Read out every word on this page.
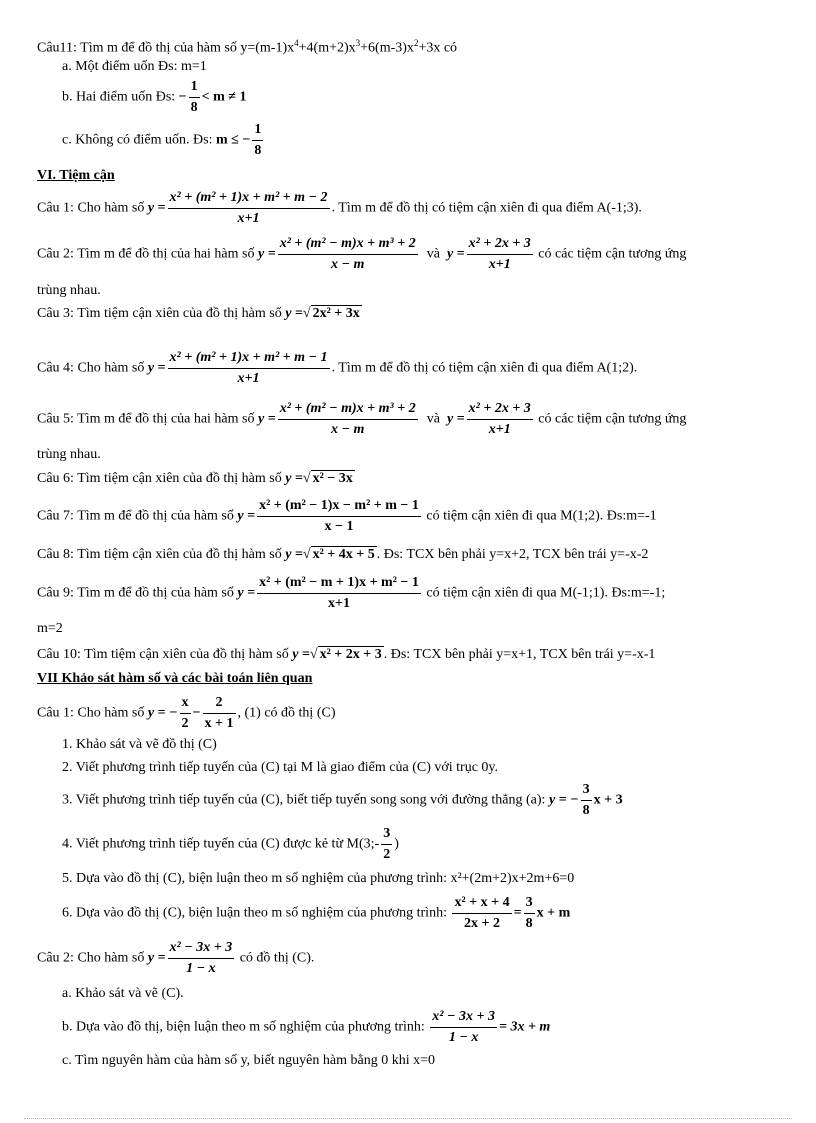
Câu11: Tìm m để đồ thị của hàm số $y=(m-1)x^4+4(m+2)x^3+6(m-3)x^2+3x$ có
a. Một điểm uốn Đs: m=1
b. Hai điểm uốn Đs: − $\frac{1}{8} < m \ne 1$
c. Không có điểm uốn. Đs: m ≤ − $\frac{1}{8}$
VI. Tiệm cận
Câu 1: Cho hàm số $y = \frac{\text{x² + (m² + 1)x + m² + m − 2}}{x+1}$ . Tìm m để đồ thị có tiệm cận xiên đi qua điểm A(-1;3).
Câu 2: Tìm m để đồ thị của hai hàm số $y = \frac{\text{x² + (m² − m)x + m³ + 2}}{x - m}$ và $y = \frac{\text{x² + 2x + 3}}{x+1}$ có các tiệm cận tương ứng
trùng nhau.
Câu 3: Tìm tiệm cận xiên của đồ thị hàm số y =√ 2x² + 3x
Câu 4: Cho hàm số $y = \frac{\text{x² + (m² + 1)x + m² + m − 1}}{x+1}$ . Tìm m để đồ thị có tiệm cận xiên đi qua điểm A(1;2).
Câu 5: Tìm m để đồ thị của hai hàm số $y = \frac{\text{x² + (m² − m)x + m³ + 2}}{x - m}$ và $y = \frac{\text{x² + 2x + 3}}{x+1}$ có các tiệm cận tương ứng
trùng nhau.
Câu 6: Tìm tiệm cận xiên của đồ thị hàm số y =√ x² − 3x
Câu 7: Tìm m để đồ thị của hàm số $y = \frac{\text{x² + (m² − 1)x − m² + m − 1}}{x - 1}$ có tiệm cận xiên đi qua M(1;2). Đs:m=-1
Câu 8: Tìm tiệm cận xiên của đồ thị hàm số y =√ x² + 4x + 5 . Đs: TCX bên phải y=x+2, TCX bên trái y=-x-2
Câu 9: Tìm m để đồ thị của hàm số $y = \frac{\text{x² + (m² − m + 1)x + m² − 1}}{x+1}$ có tiệm cận xiên đi qua M(-1;1). Đs:m=-1;
m=2
Câu 10: Tìm tiệm cận xiên của đồ thị hàm số y =√ x² + 2x + 3 . Đs: TCX bên phải y=x+1, TCX bên trái y=-x-1
VII Khảo sát hàm số và các bài toán liên quan
Câu 1: Cho hàm số y = − $\frac{x}{2} - \frac{2}{x + 1}$ , (1) có đồ thị (C)
1. Khảo sát và vẽ đồ thị (C)
2. Viết phương trình tiếp tuyến của (C) tại M là giao điểm của (C) với trục 0y.
3. Viết phương trình tiếp tuyến của (C), biết tiếp tuyến song song với đường thẳng (a): y = − $\frac{3}{8}$ x + 3
4. Viết phương trình tiếp tuyến của (C) được kẻ từ M(3;- $\frac{3}{2}$ )
5. Dựa vào đồ thị (C), biện luận theo m số nghiệm của phương trình: x²+(2m+2)x+2m+6=0
6. Dựa vào đồ thị (C), biện luận theo m số nghiệm của phương trình: $\frac{\text{x² + x + 4}}{2x + 2} = \frac{3}{8}$ x + m
Câu 2: Cho hàm số $y = \frac{\text{x² − 3x + 3}}{1 - x}$ có đồ thị (C).
a. Khảo sát và vẽ (C).
b. Dựa vào đồ thị, biện luận theo m số nghiệm của phương trình: $\frac{\text{x² − 3x + 3}}{1 - x} = 3x + m$
c. Tìm nguyên hàm của hàm số y, biết nguyên hàm bằng 0 khi x=0
